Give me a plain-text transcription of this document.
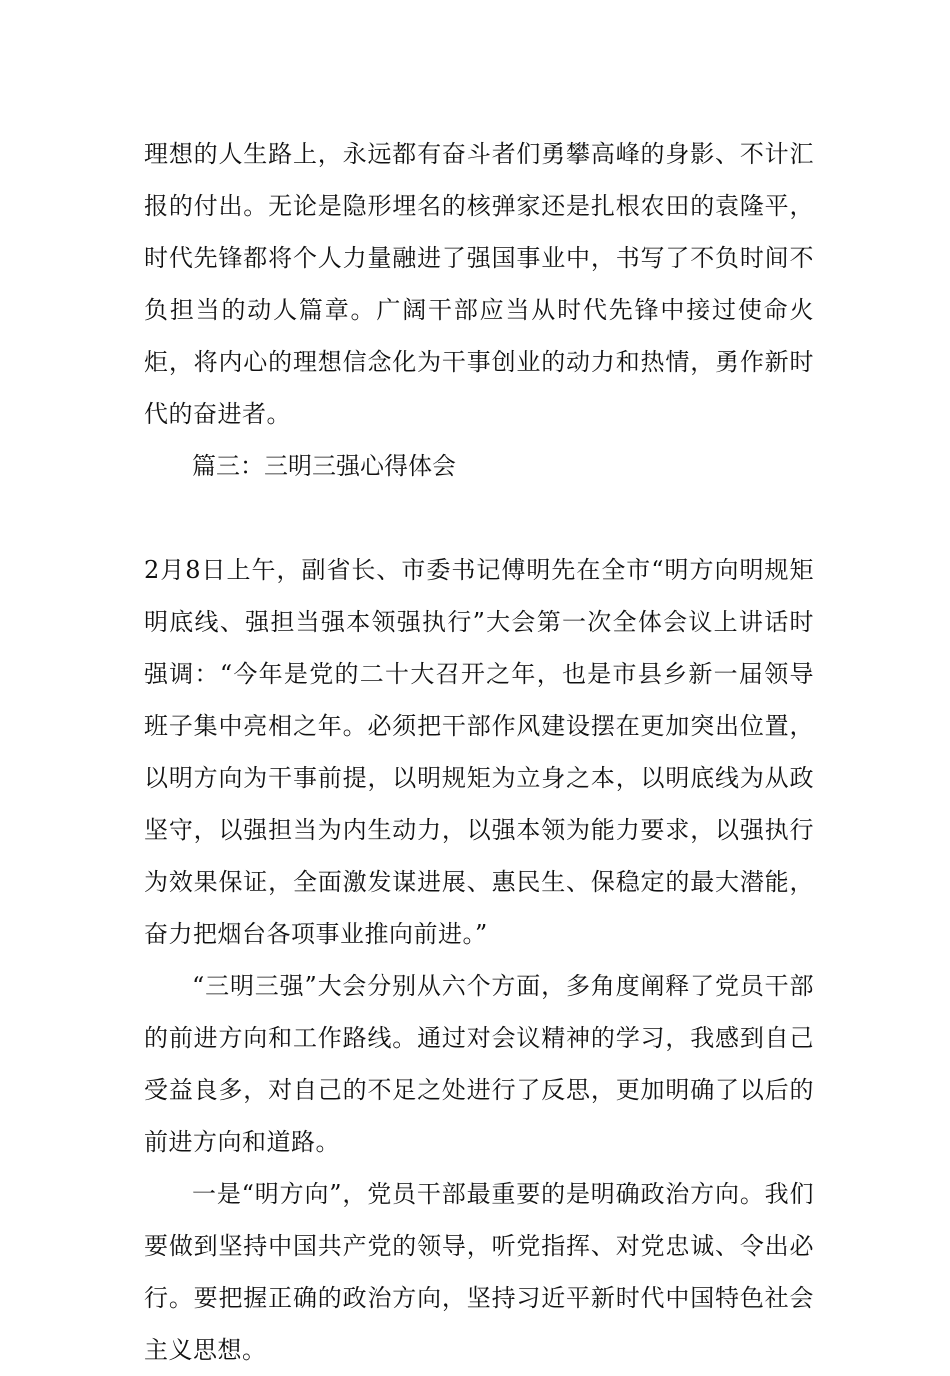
理想的人生路上，永远都有奋斗者们勇攀高峰的身影、不计汇报的付出。无论是隐形埋名的核弹家还是扎根农田的袁隆平，时代先锋都将个人力量融进了强国事业中，书写了不负时间不负担当的动人篇章。广阔干部应当从时代先锋中接过使命火炬，将内心的理想信念化为干事创业的动力和热情，勇作新时代的奋进者。

篇三：三明三强心得体会

2月8日上午，副省长、市委书记傅明先在全市“明方向明规矩明底线、强担当强本领强执行”大会第一次全体会议上讲话时强调：“今年是党的二十大召开之年，也是市县乡新一届领导班子集中亮相之年。必须把干部作风建设摆在更加突出位置，以明方向为干事前提，以明规矩为立身之本，以明底线为从政坚守，以强担当为内生动力，以强本领为能力要求，以强执行为效果保证，全面激发谋进展、惠民生、保稳定的最大潜能，奋力把烟台各项事业推向前进。”

“三明三强”大会分别从六个方面，多角度阐释了党员干部的前进方向和工作路线。通过对会议精神的学习，我感到自己受益良多，对自己的不足之处进行了反思，更加明确了以后的前进方向和道路。

一是“明方向”，党员干部最重要的是明确政治方向。我们要做到坚持中国共产党的领导，听党指挥、对党忠诚、令出必行。要把握正确的政治方向，坚持习近平新时代中国特色社会主义思想。
